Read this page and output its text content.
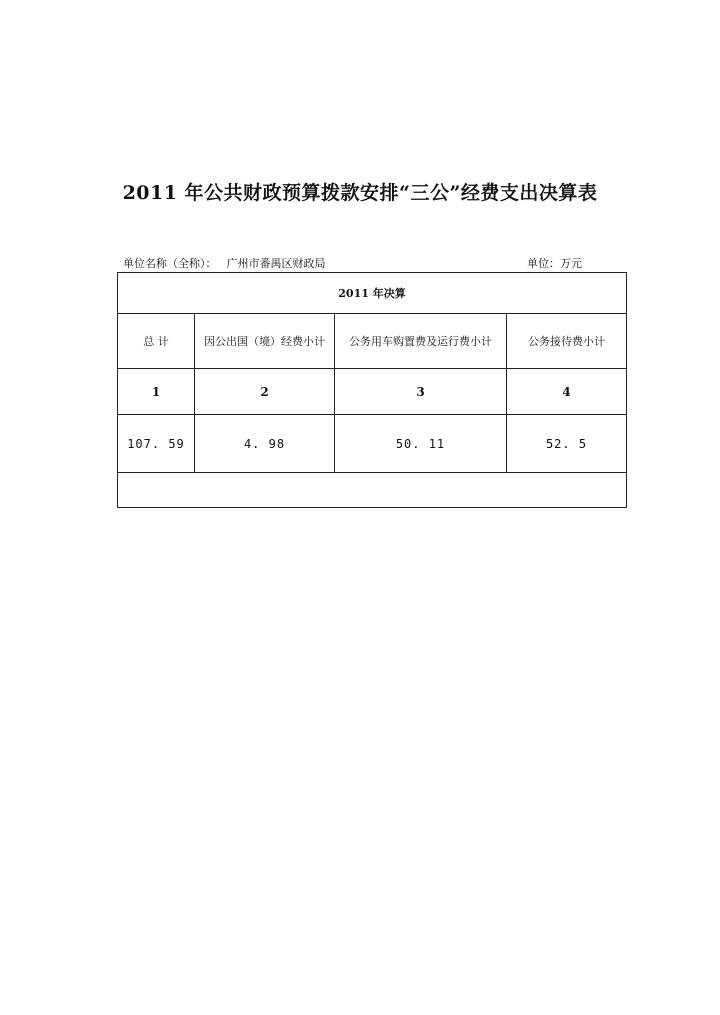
2011 年公共财政预算拨款安排“三公”经费支出决算表
单位名称（全称）： 广州市番禺区财政局	单位：万元
2011 年决算			
总 计	因公出国（境）经费小计	公务用车购置费及运行费小计	公务接待费小计
1	2	3	4
107. 59	4. 98	50. 11	52. 5
